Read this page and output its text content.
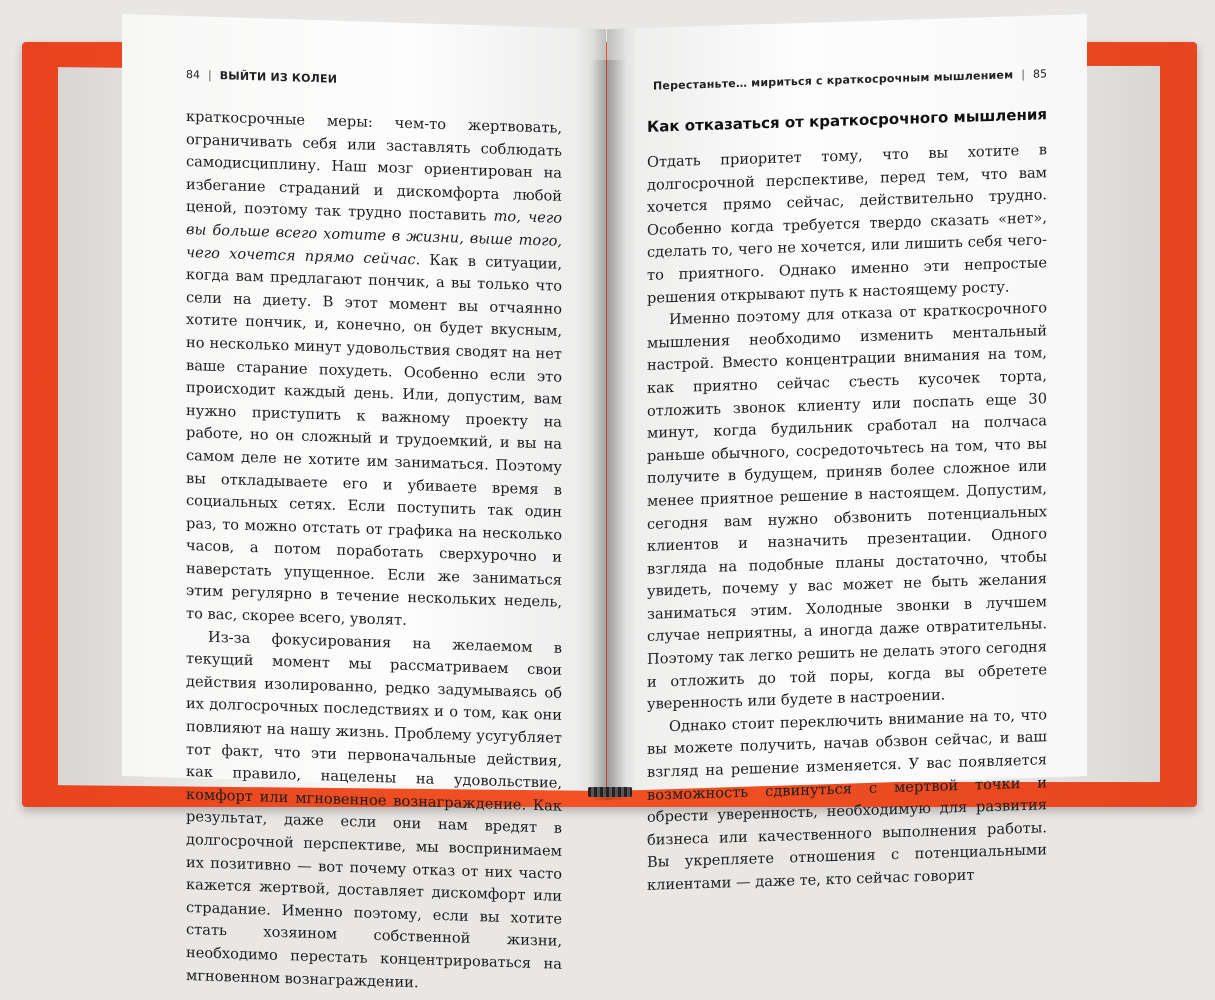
84 | ВЫЙТИ ИЗ КОЛЕИ

краткосрочные меры: чем-то жертвовать, ограничивать себя или заставлять соблюдать самодисциплину. Наш мозг ориентирован на избегание страданий и дискомфорта любой ценой, поэтому так трудно поставить то, чего вы больше всего хотите в жизни, выше того, чего хочется прямо сейчас. Как в ситуации, когда вам предлагают пончик, а вы только что сели на диету. В этот момент вы отчаянно хотите пончик, и, конечно, он будет вкусным, но несколько минут удовольствия сводят на нет ваше старание похудеть. Особенно если это происходит каждый день. Или, допустим, вам нужно приступить к важному проекту на работе, но он сложный и трудоемкий, и вы на самом деле не хотите им заниматься. Поэтому вы откладываете его и убиваете время в социальных сетях. Если поступить так один раз, то можно отстать от графика на несколько часов, а потом поработать сверхурочно и наверстать упущенное. Если же заниматься этим регулярно в течение нескольких недель, то вас, скорее всего, уволят.

Из-за фокусирования на желаемом в текущий момент мы рассматриваем свои действия изолированно, редко задумываясь об их долгосрочных последствиях и о том, как они повлияют на нашу жизнь. Проблему усугубляет тот факт, что эти первоначальные действия, как правило, нацелены на удовольствие, комфорт или мгновенное вознаграждение. Как результат, даже если они нам вредят в долгосрочной перспективе, мы воспринимаем их позитивно — вот почему отказ от них часто кажется жертвой, доставляет дискомфорт или страдание. Именно поэтому, если вы хотите стать хозяином собственной жизни, необходимо перестать концентрироваться на мгновенном вознаграждении.

Перестаньте… мириться с краткосрочным мышлением | 85
Как отказаться от краткосрочного мышления

Отдать приоритет тому, что вы хотите в долгосрочной перспективе, перед тем, что вам хочется прямо сейчас, действительно трудно. Особенно когда требуется твердо сказать «нет», сделать то, чего не хочется, или лишить себя чего-то приятного. Однако именно эти непростые решения открывают путь к настоящему росту.

Именно поэтому для отказа от краткосрочного мышления необходимо изменить ментальный настрой. Вместо концентрации внимания на том, как приятно сейчас съесть кусочек торта, отложить звонок клиенту или поспать еще 30 минут, когда будильник сработал на полчаса раньше обычного, сосредоточьтесь на том, что вы получите в будущем, приняв более сложное или менее приятное решение в настоящем. Допустим, сегодня вам нужно обзвонить потенциальных клиентов и назначить презентации. Одного взгляда на подобные планы достаточно, чтобы увидеть, почему у вас может не быть желания заниматься этим. Холодные звонки в лучшем случае неприятны, а иногда даже отвратительны. Поэтому так легко решить не делать этого сегодня и отложить до той поры, когда вы обретете уверенность или будете в настроении.

Однако стоит переключить внимание на то, что вы можете получить, начав обзвон сейчас, и ваш взгляд на решение изменяется. У вас появляется возможность сдвинуться с мертвой точки и обрести уверенность, необходимую для развития бизнеса или качественного выполнения работы. Вы укрепляете отношения с потенциальными клиентами — даже те, кто сейчас говорит
